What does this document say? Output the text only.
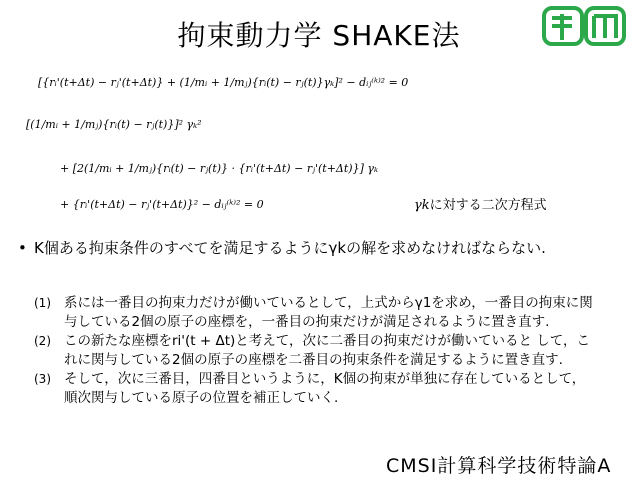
拘束動力学 SHAKE法
[{rᵢ'(t+Δt) − rⱼ'(t+Δt)} + (1/mᵢ + 1/mⱼ){rᵢ(t) − rⱼ(t)}γₖ]² − dᵢⱼ⁽ᵏ⁾² = 0
[(1/mᵢ + 1/mⱼ){rᵢ(t) − rⱼ(t)}]² γₖ²
+ [2(1/mᵢ + 1/mⱼ){rᵢ(t) − rⱼ(t)} · {rᵢ'(t+Δt) − rⱼ'(t+Δt)}] γₖ
+ {rᵢ'(t+Δt) − rⱼ'(t+Δt)}² − dᵢⱼ⁽ᵏ⁾² = 0	γkに対する二次方程式
• K個ある拘束条件のすべてを満足するようにγkの解を求めなければならない.
(1) 系には一番目の拘束力だけが働いているとして，上式からγ1を求め，一番目の拘束に関与している2個の原子の座標を，一番目の拘束だけが満足されるように置き直す.
(2) この新たな座標をri'(t + Δt)と考えて，次に二番目の拘束だけが働いていると して，これに関与している2個の原子の座標を二番目の拘束条件を満足するように置き直す.
(3) そして，次に三番目，四番目というように，K個の拘束が単独に存在しているとして，順次関与している原子の位置を補正していく.
CMSI計算科学技術特論A
